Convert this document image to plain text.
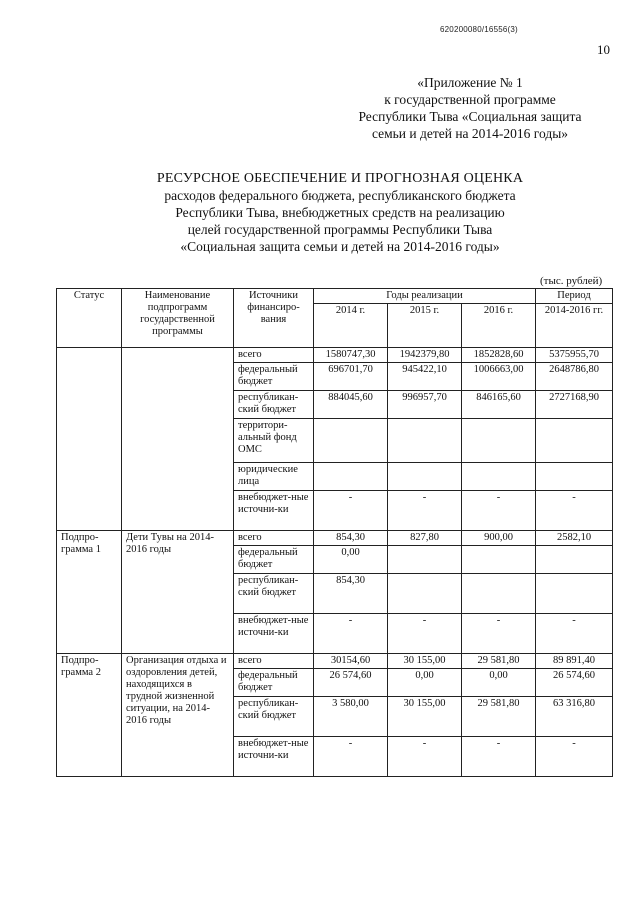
620200080/16556(3)
10
«Приложение № 1
к государственной программе
Республики Тыва «Социальная защита
семьи и детей на 2014-2016 годы»
РЕСУРСНОЕ ОБЕСПЕЧЕНИЕ И ПРОГНОЗНАЯ ОЦЕНКА
расходов федерального бюджета, республиканского бюджета
Республики Тыва, внебюджетных средств на реализацию
целей государственной программы Республики Тыва
«Социальная защита семьи и детей на 2014-2016 годы»
(тыс. рублей)
Статус	Наименование подпрограмм государственной программы	Источники финансиро-вания	Годы реализации			Период
			2014 г.	2015 г.	2016 г.	2014-2016 гг.
		всего	1580747,30	1942379,80	1852828,60	5375955,70
		федеральный бюджет	696701,70	945422,10	1006663,00	2648786,80
		республикан-ский бюджет	884045,60	996957,70	846165,60	2727168,90
		территори-альный фонд ОМС				
		юридические лица				
		внебюджет-ные источни-ки	-	-	-	-
Подпро-грамма 1	Дети Тувы на 2014-2016 годы	всего	854,30	827,80	900,00	2582,10
		федеральный бюджет	0,00			
		республикан-ский бюджет	854,30			
		внебюджет-ные источни-ки	-	-	-	-
Подпро-грамма 2	Организация отдыха и оздоровления детей, находящихся в трудной жизненной ситуации, на 2014-2016 годы	всего	30154,60	30 155,00	29 581,80	89 891,40
		федеральный бюджет	26 574,60	0,00	0,00	26 574,60
		республикан-ский бюджет	3 580,00	30 155,00	29 581,80	63 316,80
		внебюджет-ные источни-ки	-	-	-	-
